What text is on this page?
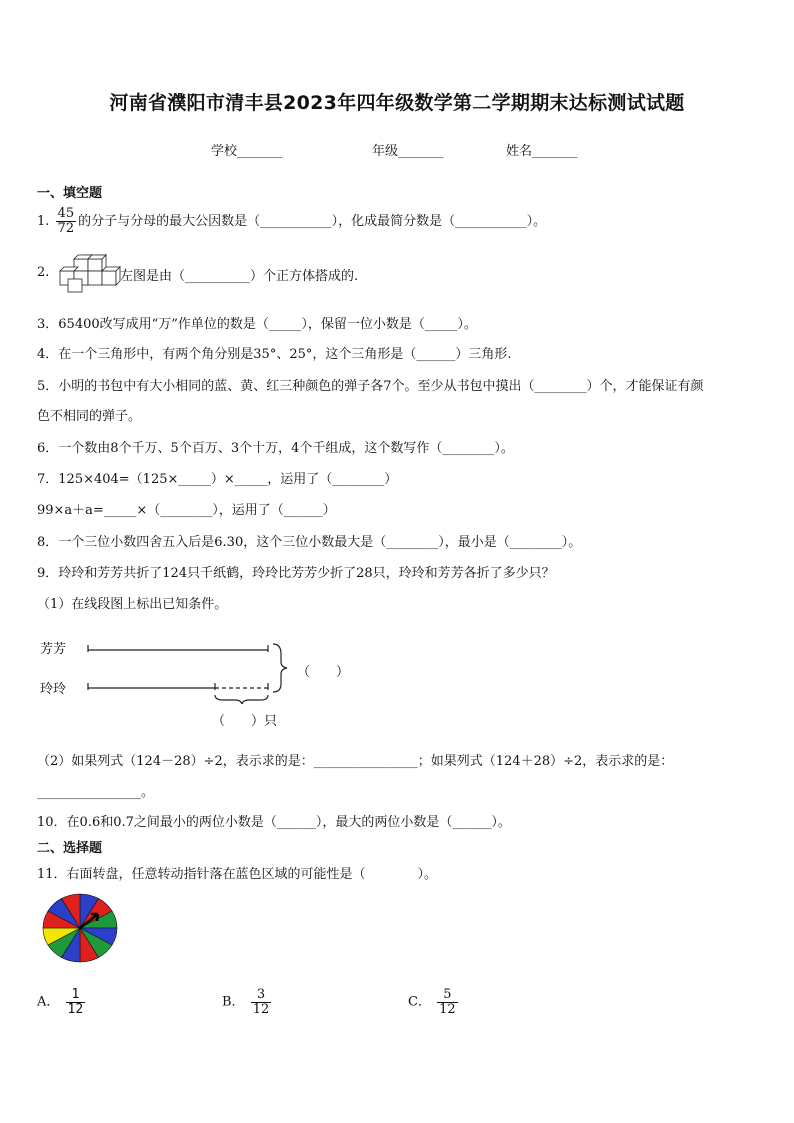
河南省濮阳市清丰县2023年四年级数学第二学期期末达标测试试题
学校_______	年级_______	姓名_______
一、填空题
1. $\frac{45}{72}$ 的分子与分母的最大公因数是（___________），化成最简分数是（___________）。
2.	左图是由（__________）个正方体搭成的.
3．65400改写成用“万”作单位的数是（_____），保留一位小数是（_____）。
4．在一个三角形中，有两个角分别是35°、25°，这个三角形是（______）三角形.
5．小明的书包中有大小相同的蓝、黄、红三种颜色的弹子各7个。至少从书包中摸出（________）个，才能保证有颜
色不相同的弹子。
6．一个数由8个千万、5个百万、3个十万，4个千组成，这个数写作（________）。
7．125×404=（125×_____）×_____，运用了（________）
99×a＋a=_____×（________），运用了（______）
8．一个三位小数四舍五入后是6.30，这个三位小数最大是（________），最小是（________）。
9．玲玲和芳芳共折了124只千纸鹤，玲玲比芳芳少折了28只，玲玲和芳芳各折了多少只？
（1）在线段图上标出已知条件。
芳芳
玲玲
（　　）
（　　）只
（2）如果列式（124－28）÷2，表示求的是：________________；如果列式（124＋28）÷2，表示求的是：
________________。
10．在0.6和0.7之间最小的两位小数是（______），最大的两位小数是（______）。
二、选择题
11．右面转盘，任意转动指针落在蓝色区域的可能性是（　　　　）。
A． $\frac{1}{12}$	B． $\frac{3}{12}$	C． $\frac{5}{12}$
